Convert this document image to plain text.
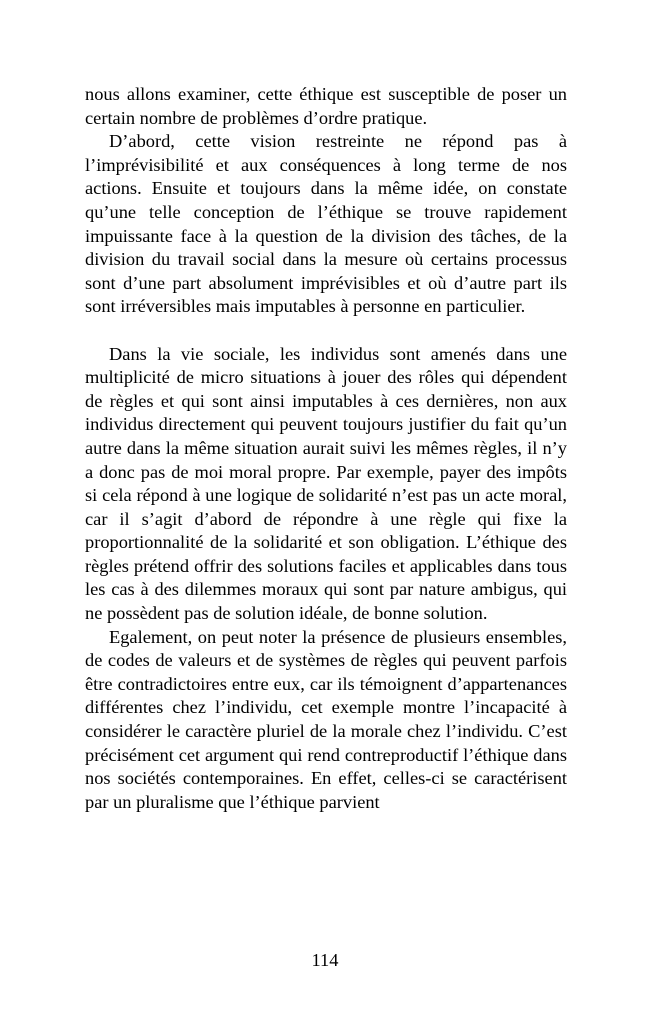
nous allons examiner, cette éthique est susceptible de poser un certain nombre de problèmes d’ordre pratique.

D’abord, cette vision restreinte ne répond pas à l’imprévisibilité et aux conséquences à long terme de nos actions. Ensuite et toujours dans la même idée, on constate qu’une telle conception de l’éthique se trouve rapidement impuissante face à la question de la division des tâches, de la division du travail social dans la mesure où certains processus sont d’une part absolument imprévisibles et où d’autre part ils sont irréversibles mais imputables à personne en particulier.

Dans la vie sociale, les individus sont amenés dans une multiplicité de micro situations à jouer des rôles qui dépendent de règles et qui sont ainsi imputables à ces dernières, non aux individus directement qui peuvent toujours justifier du fait qu’un autre dans la même situation aurait suivi les mêmes règles, il n’y a donc pas de moi moral propre. Par exemple, payer des impôts si cela répond à une logique de solidarité n’est pas un acte moral, car il s’agit d’abord de répondre à une règle qui fixe la proportionnalité de la solidarité et son obligation. L’éthique des règles prétend offrir des solutions faciles et applicables dans tous les cas à des dilemmes moraux qui sont par nature ambigus, qui ne possèdent pas de solution idéale, de bonne solution.

Egalement, on peut noter la présence de plusieurs ensembles, de codes de valeurs et de systèmes de règles qui peuvent parfois être contradictoires entre eux, car ils témoignent d’appartenances différentes chez l’individu, cet exemple montre l’incapacité à considérer le caractère pluriel de la morale chez l’individu. C’est précisément cet argument qui rend contreproductif l’éthique dans nos sociétés contemporaines. En effet, celles-ci se caractérisent par un pluralisme que l’éthique parvient

114
